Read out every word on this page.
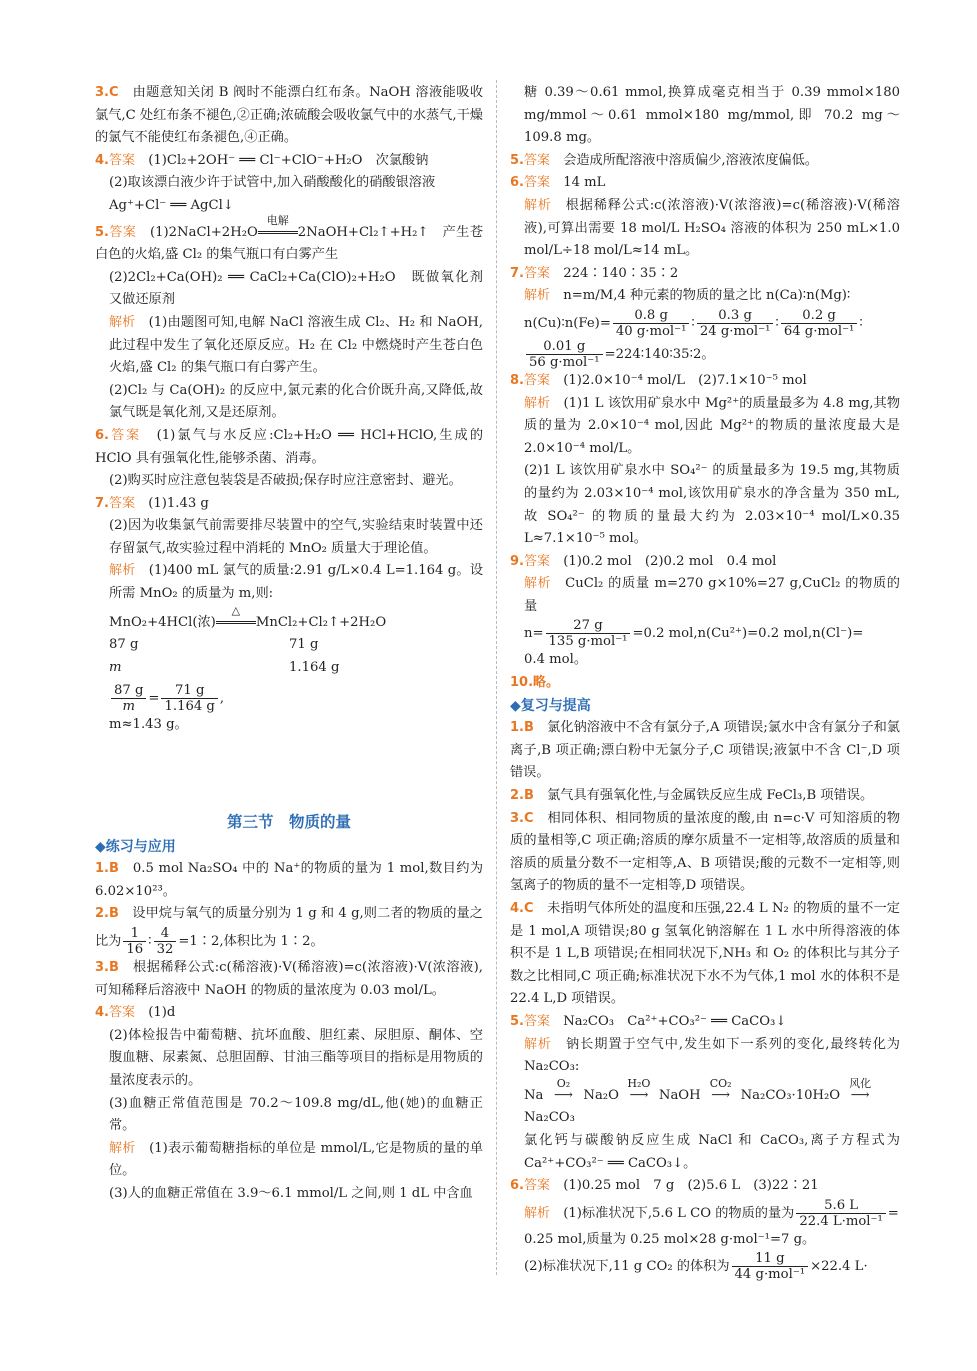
3.C　 由题意知关闭 B 阀时不能漂白红布条。NaOH 溶液能吸收氯气,C 处红布条不褪色,②正确;浓硫酸会吸收氯气中的水蒸气,干燥的氯气不能使红布条褪色,④正确。

4.答案　 (1)Cl₂+2OH⁻ ══ Cl⁻+ClO⁻+H₂O　次氯酸钠

(2)取该漂白液少许于试管中,加入硝酸酸化的硝酸银溶液

Ag⁺+Cl⁻ ══ AgCl↓

5.答案　 (1)2NaCl+2H₂O
电解
2NaOH+Cl₂↑+H₂↑　产生苍白色的火焰,盛 Cl₂ 的集气瓶口有白雾产生

(2)2Cl₂+Ca(OH)₂ ══ CaCl₂+Ca(ClO)₂+H₂O　既做氧化剂又做还原剂

解析　 (1)由题图可知,电解 NaCl 溶液生成 Cl₂、H₂ 和 NaOH,此过程中发生了氧化还原反应。H₂ 在 Cl₂ 中燃烧时产生苍白色火焰,盛 Cl₂ 的集气瓶口有白雾产生。

(2)Cl₂ 与 Ca(OH)₂ 的反应中,氯元素的化合价既升高,又降低,故氯气既是氧化剂,又是还原剂。

6.答案　 (1)氯气与水反应:Cl₂+H₂O ══ HCl+HClO,生成的 HClO 具有强氧化性,能够杀菌、消毒。

(2)购买时应注意包装袋是否破损;保存时应注意密封、避光。

7.答案　 (1)1.43 g

(2)因为收集氯气前需要排尽装置中的空气,实验结束时装置中还存留氯气,故实验过程中消耗的 MnO₂ 质量大于理论值。

解析　 (1)400 mL 氯气的质量:2.91 g/L×0.4 L=1.164 g。设所需 MnO₂ 的质量为 m,则:

MnO₂+4HCl(浓)
△
MnCl₂+Cl₂↑+2H₂O

87 g	71 g
m	1.164 g
$\frac{87 g}{m} = \frac{71 g}{1.164 g}$ ,

m≈1.43 g。

第三节　物质的量

◆练习与应用

1.B　 0.5 mol Na₂SO₄ 中的 Na⁺的物质的量为 1 mol,数目约为 6.02×10²³。

2.B　 设甲烷与氧气的质量分别为 1 g 和 4 g,则二者的物质的量之比为 $\frac{1}{16}$ ∶ $\frac{4}{32}$ =1∶2,体积比为 1∶2。

3.B　 根据稀释公式:c(稀溶液)·V(稀溶液)=c(浓溶液)·V(浓溶液),可知稀释后溶液中 NaOH 的物质的量浓度为 0.03 mol/L。

4.答案　 (1)d

(2)体检报告中葡萄糖、抗坏血酸、胆红素、尿胆原、酮体、空腹血糖、尿素氮、总胆固醇、甘油三酯等项目的指标是用物质的量浓度表示的。

(3)血糖正常值范围是 70.2～109.8 mg/dL,他(她)的血糖正常。

解析　 (1)表示葡萄糖指标的单位是 mmol/L,它是物质的量的单位。

(3)人的血糖正常值在 3.9～6.1 mmol/L 之间,则 1 dL 中含血

糖 0.39～0.61 mmol,换算成毫克相当于 0.39 mmol×180 mg/mmol～0.61 mmol×180 mg/mmol,即 70.2 mg～109.8 mg。

5.答案　 会造成所配溶液中溶质偏少,溶液浓度偏低。

6.答案　 14 mL

解析　 根据稀释公式:c(浓溶液)·V(浓溶液)=c(稀溶液)·V(稀溶液),可算出需要 18 mol/L H₂SO₄ 溶液的体积为 250 mL×1.0 mol/L÷18 mol/L≈14 mL。

7.答案　 224∶140∶35∶2

解析　 n=m/M,4 种元素的物质的量之比 n(Ca)∶n(Mg)∶

n(Cu)∶n(Fe)= $\frac{0.8 g}{\text{40 g·mol⁻¹}}$ ∶ $\frac{0.3 g}{\text{24 g·mol⁻¹}}$ ∶ $\frac{0.2 g}{\text{64 g·mol⁻¹}}$ ∶

$\frac{0.01 g}{\text{56 g·mol⁻¹}}$ =224∶140∶35∶2。

8.答案　 (1)2.0×10⁻⁴ mol/L　(2)7.1×10⁻⁵ mol

解析　 (1)1 L 该饮用矿泉水中 Mg²⁺的质量最多为 4.8 mg,其物质的量为 2.0×10⁻⁴ mol,因此 Mg²⁺的物质的量浓度最大是 2.0×10⁻⁴ mol/L。

(2)1 L 该饮用矿泉水中 SO₄²⁻ 的质量最多为 19.5 mg,其物质的量约为 2.03×10⁻⁴ mol,该饮用矿泉水的净含量为 350 mL,故 SO₄²⁻ 的物质的量最大约为 2.03×10⁻⁴ mol/L×0.35 L≈7.1×10⁻⁵ mol。

9.答案　 (1)0.2 mol　(2)0.2 mol　0.4 mol

解析　 CuCl₂ 的质量 m=270 g×10%=27 g,CuCl₂ 的物质的量

$n= \frac{27 g}{\text{135 g·mol⁻¹}} =0.2$ mol,n(Cu²⁺)=0.2 mol,n(Cl⁻)=

0.4 mol。

10.略。

◆复习与提高

1.B　 氯化钠溶液中不含有氯分子,A 项错误;氯水中含有氯分子和氯离子,B 项正确;漂白粉中无氯分子,C 项错误;液氯中不含 Cl⁻,D 项错误。

2.B　 氯气具有强氧化性,与金属铁反应生成 FeCl₃,B 项错误。

3.C　 相同体积、相同物质的量浓度的酸,由 n=c·V 可知溶质的物质的量相等,C 项正确;溶质的摩尔质量不一定相等,故溶质的质量和溶质的质量分数不一定相等,A、B 项错误;酸的元数不一定相等,则氢离子的物质的量不一定相等,D 项错误。

4.C　 未指明气体所处的温度和压强,22.4 L N₂ 的物质的量不一定是 1 mol,A 项错误;80 g 氢氧化钠溶解在 1 L 水中所得溶液的体积不是 1 L,B 项错误;在相同状况下,NH₃ 和 O₂ 的体积比与其分子数之比相同,C 项正确;标准状况下水不为气体,1 mol 水的体积不是 22.4 L,D 项错误。

5.答案　 Na₂CO₃　Ca²⁺+CO₃²⁻ ══ CaCO₃↓

解析　 钠长期置于空气中,发生如下一系列的变化,最终转化为 Na₂CO₃:

Na
O₂
⟶ Na₂O
H₂O
⟶ NaOH
CO₂
⟶ Na₂CO₃·10H₂O
风化
⟶Na₂CO₃

氯化钙与碳酸钠反应生成 NaCl 和 CaCO₃,离子方程式为Ca²⁺+CO₃²⁻ ══ CaCO₃↓。

6.答案　 (1)0.25 mol　7 g　(2)5.6 L　(3)22∶21

解析　 (1)标准状况下,5.6 L CO 的物质的量为 $\frac{5.6 L}{\text{22.4 L·mol⁻¹}}$ =

0.25 mol,质量为 0.25 mol×28 g·mol⁻¹=7 g。

(2)标准状况下,11 g CO₂ 的体积为 $\frac{11 g}{\text{44 g·mol⁻¹}} \times 22.4$ L·
